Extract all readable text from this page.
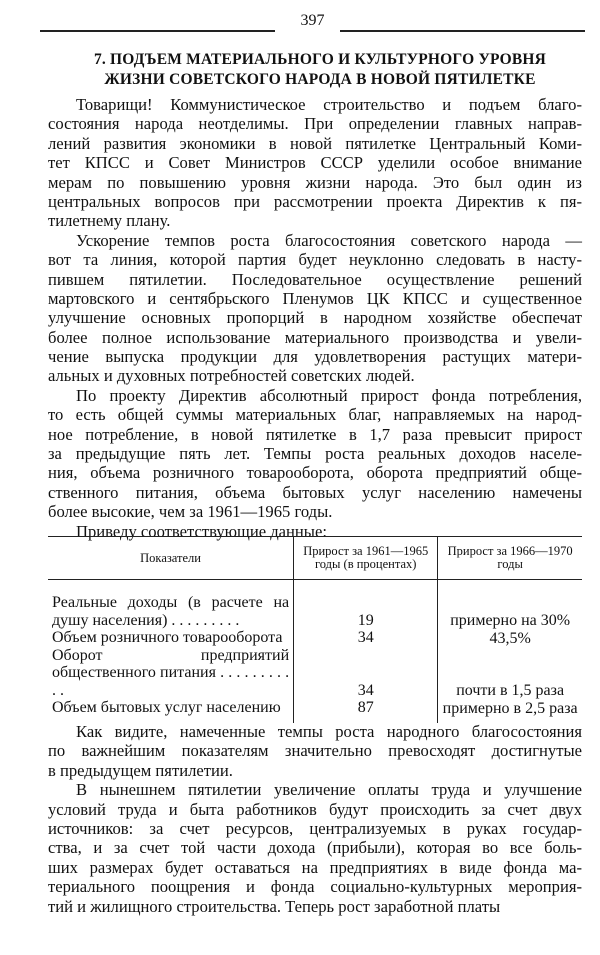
397
7. ПОДЪЕМ МАТЕРИАЛЬНОГО И КУЛЬТУРНОГО УРОВНЯ
ЖИЗНИ СОВЕТСКОГО НАРОДА В НОВОЙ ПЯТИЛЕТКЕ
Товарищи! Коммунистическое строительство и подъем благо-
состояния народа неотделимы. При определении главных направ-
лений развития экономики в новой пятилетке Центральный Коми-
тет КПСС и Совет Министров СССР уделили особое внимание
мерам по повышению уровня жизни народа. Это был один из
центральных вопросов при рассмотрении проекта Директив к пя-
тилетнему плану.
Ускорение темпов роста благосостояния советского народа —
вот та линия, которой партия будет неуклонно следовать в насту-
пившем пятилетии. Последовательное осуществление решений
мартовского и сентябрьского Пленумов ЦК КПСС и существенное
улучшение основных пропорций в народном хозяйстве обеспечат
более полное использование материального производства и увели-
чение выпуска продукции для удовлетворения растущих матери-
альных и духовных потребностей советских людей.
По проекту Директив абсолютный прирост фонда потребления,
то есть общей суммы материальных благ, направляемых на народ-
ное потребление, в новой пятилетке в 1,7 раза превысит прирост
за предыдущие пять лет. Темпы роста реальных доходов населе-
ния, объема розничного товарооборота, оборота предприятий обще-
ственного питания, объема бытовых услуг населению намечены
более высокие, чем за 1961—1965 годы.
Приведу соответствующие данные:
Показатели	Прирост за 1961—1965 годы (в процентах)	Прирост за 1966—1970 годы
Реальные доходы (в расчете на душу населения) . . . . . . . . .	19	примерно на 30%
Объем розничного товарооборота	34	43,5%
Оборот предприятий общественного питания . . . . . . . . . . .	34	почти в 1,5 раза
Объем бытовых услуг населению	87	примерно в 2,5 раза
Как видите, намеченные темпы роста народного благосостояния
по важнейшим показателям значительно превосходят достигнутые
в предыдущем пятилетии.
В нынешнем пятилетии увеличение оплаты труда и улучшение
условий труда и быта работников будут происходить за счет двух
источников: за счет ресурсов, централизуемых в руках государ-
ства, и за счет той части дохода (прибыли), которая во все боль-
ших размерах будет оставаться на предприятиях в виде фонда ма-
териального поощрения и фонда социально-культурных мероприя-
тий и жилищного строительства. Теперь рост заработной платы
